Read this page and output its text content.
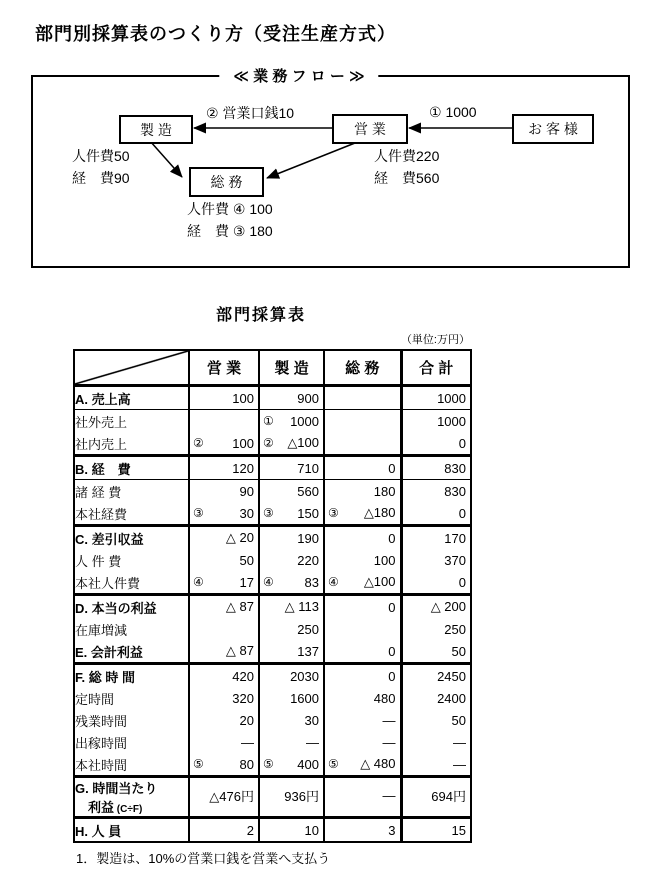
部門別採算表のつくり方（受注生産方式）
≪ 業 務 フ ロ ー ≫
製 造	営 業	お 客 様
総 務
② 営業口銭10	① 1000
人件費50
経　費90
人件費220
経　費560
人件費 ④ 100
経　費 ③ 180
部門採算表
（単位:万円）
	営 業	製 造	総 務	合 計
A. 売上高	100	900		1000

社外売上		① 1000		1000

社内売上	② 100	② △100		0

B. 経　費	120	710	0	830

諸 経 費	90	560	180	830

本社経費	③ 30	③ 150	③ △180	0

C. 差引収益	△ 20	190	0	170

人 件 費	50	220	100	370

本社人件費	④ 17	④ 83	④ △100	0

D. 本当の利益	△ 87	△ 113	0	△ 200

在庫増減		250		250

E. 会計利益	△ 87	137	0	50

F. 総 時 間	420	2030	0	2450

定時間	320	1600	480	2400

残業時間	20	30	—	50

出稼時間	—	—	—	—

本社時間	⑤ 80	⑤ 400	⑤ △ 480	—

G. 時間当たり
利益 (C÷F)	△476円	936円	—	694円

H. 人 員	2	10	3	15
1．製造は、10%の営業口銭を営業へ支払う
